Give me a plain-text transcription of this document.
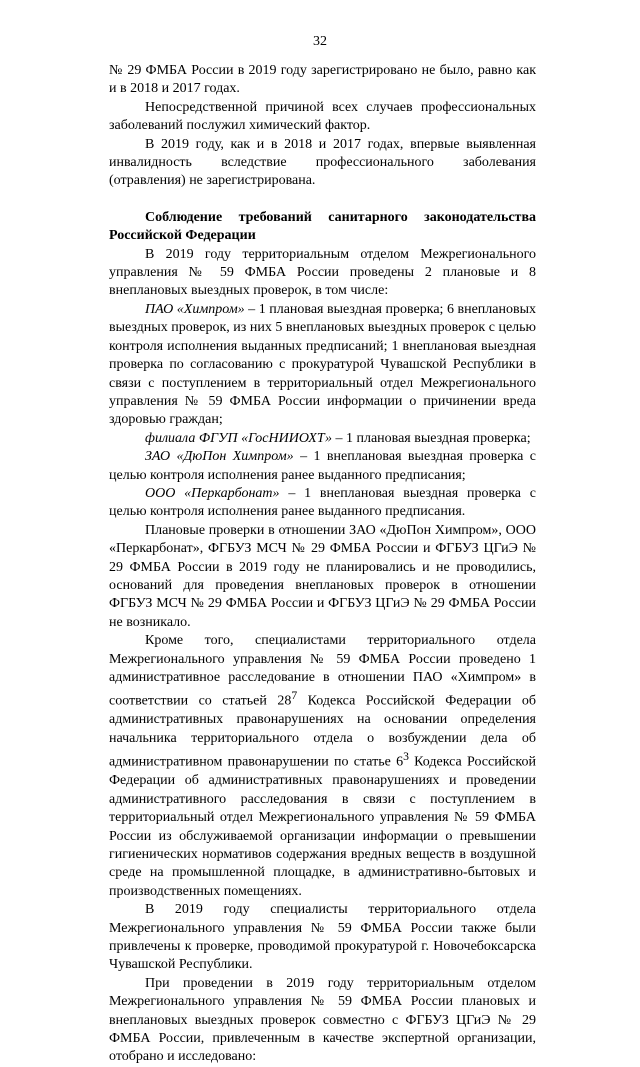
32

№ 29 ФМБА России в 2019 году зарегистрировано не было, равно как и в 2018 и 2017 годах.

Непосредственной причиной всех случаев профессиональных заболеваний послужил химический фактор.

В 2019 году, как и в 2018 и 2017 годах, впервые выявленная инвалидность вследствие профессионального заболевания (отравления) не зарегистрирована.

Соблюдение требований санитарного законодательства Российской Федерации

В 2019 году территориальным отделом Межрегионального управления № 59 ФМБА России проведены 2 плановые и 8 внеплановых выездных проверок, в том числе:

ПАО «Химпром» – 1 плановая выездная проверка; 6 внеплановых выездных проверок, из них 5 внеплановых выездных проверок с целью контроля исполнения выданных предписаний; 1 внеплановая выездная проверка по согласованию с прокуратурой Чувашской Республики в связи с поступлением в территориальный отдел Межрегионального управления № 59 ФМБА России информации о причинении вреда здоровью граждан;

филиала ФГУП «ГосНИИОХТ» – 1 плановая выездная проверка;

ЗАО «ДюПон Химпром» – 1 внеплановая выездная проверка с целью контроля исполнения ранее выданного предписания;

ООО «Перкарбонат» – 1 внеплановая выездная проверка с целью контроля исполнения ранее выданного предписания.

Плановые проверки в отношении ЗАО «ДюПон Химпром», ООО «Перкарбонат», ФГБУЗ МСЧ № 29 ФМБА России и ФГБУЗ ЦГиЭ № 29 ФМБА России в 2019 году не планировались и не проводились, оснований для проведения внеплановых проверок в отношении ФГБУЗ МСЧ № 29 ФМБА России и ФГБУЗ ЦГиЭ № 29 ФМБА России не возникало.

Кроме того, специалистами территориального отдела Межрегионального управления № 59 ФМБА России проведено 1 административное расследование в отношении ПАО «Химпром» в соответствии со статьей $28^7$ Кодекса Российской Федерации об административных правонарушениях на основании определения начальника территориального отдела о возбуждении дела об административном правонарушении по статье $6^3$ Кодекса Российской Федерации об административных правонарушениях и проведении административного расследования в связи с поступлением в территориальный отдел Межрегионального управления № 59 ФМБА России из обслуживаемой организации информации о превышении гигиенических нормативов содержания вредных веществ в воздушной среде на промышленной площадке, в административно-бытовых и производственных помещениях.

В 2019 году специалисты территориального отдела Межрегионального управления № 59 ФМБА России также были привлечены к проверке, проводимой прокуратурой г. Новочебоксарска Чувашской Республики.

При проведении в 2019 году территориальным отделом Межрегионального управления № 59 ФМБА России плановых и внеплановых выездных проверок совместно с ФГБУЗ ЦГиЭ № 29 ФМБА России, привлеченным в качестве экспертной организации, отобрано и исследовано:
